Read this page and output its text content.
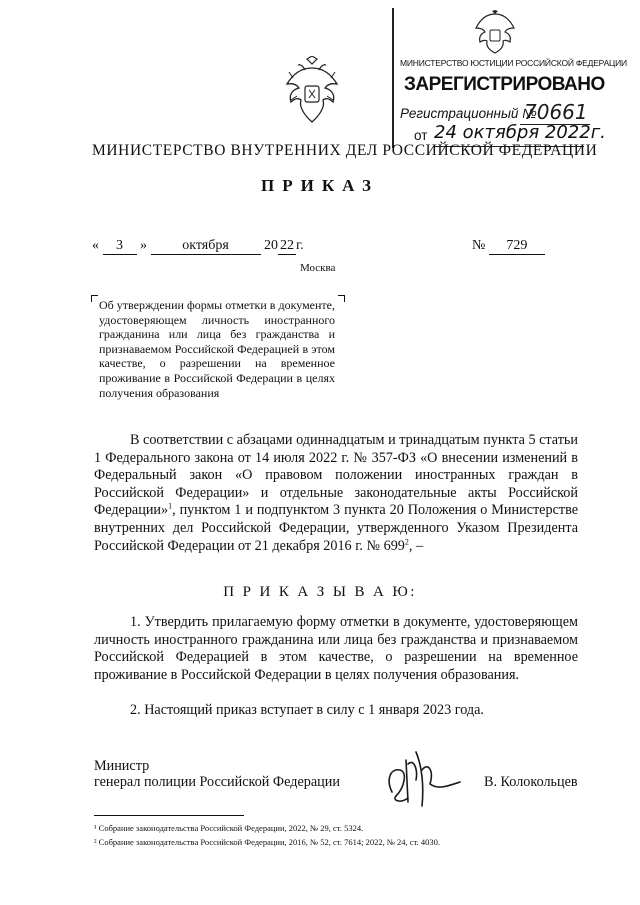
МИНИСТЕРСТВО ЮСТИЦИИ РОССИЙСКОЙ ФЕДЕРАЦИИ
ЗАРЕГИСТРИРОВАНО
Регистрационный №
70661
от 24 октября 2022г.
МИНИСТЕРСТВО ВНУТРЕННИХ ДЕЛ РОССИЙСКОЙ ФЕДЕРАЦИИ
ПРИКАЗ
« 3 »	октября	20 22 г.	№ 729
Москва
Об утверждении формы отметки в документе, удостоверяющем личность иностранного гражданина или лица без гражданства и признаваемом Российской Федерацией в этом качестве, о разрешении на временное проживание в Российской Федерации в целях получения образования
В соответствии с абзацами одиннадцатым и тринадцатым пункта 5 статьи 1 Федерального закона от 14 июля 2022 г. № 357-ФЗ «О внесении изменений в Федеральный закон «О правовом положении иностранных граждан в Российской Федерации» и отдельные законодательные акты Российской Федерации»$^1$, пунктом 1 и подпунктом 3 пункта 20 Положения о Министерстве внутренних дел Российской Федерации, утвержденного Указом Президента Российской Федерации от 21 декабря 2016 г. № $699^2$, –
П Р И К А З Ы В А Ю:
1. Утвердить прилагаемую форму отметки в документе, удостоверяющем личность иностранного гражданина или лица без гражданства и признаваемом Российской Федерацией в этом качестве, о разрешении на временное проживание в Российской Федерации в целях получения образования.
2. Настоящий приказ вступает в силу с 1 января 2023 года.
Министр
генерал полиции Российской Федерации	В. Колокольцев
¹ Собрание законодательства Российской Федерации, 2022, № 29, ст. 5324.
² Собрание законодательства Российской Федерации, 2016, № 52, ст. 7614; 2022, № 24, ст. 4030.
